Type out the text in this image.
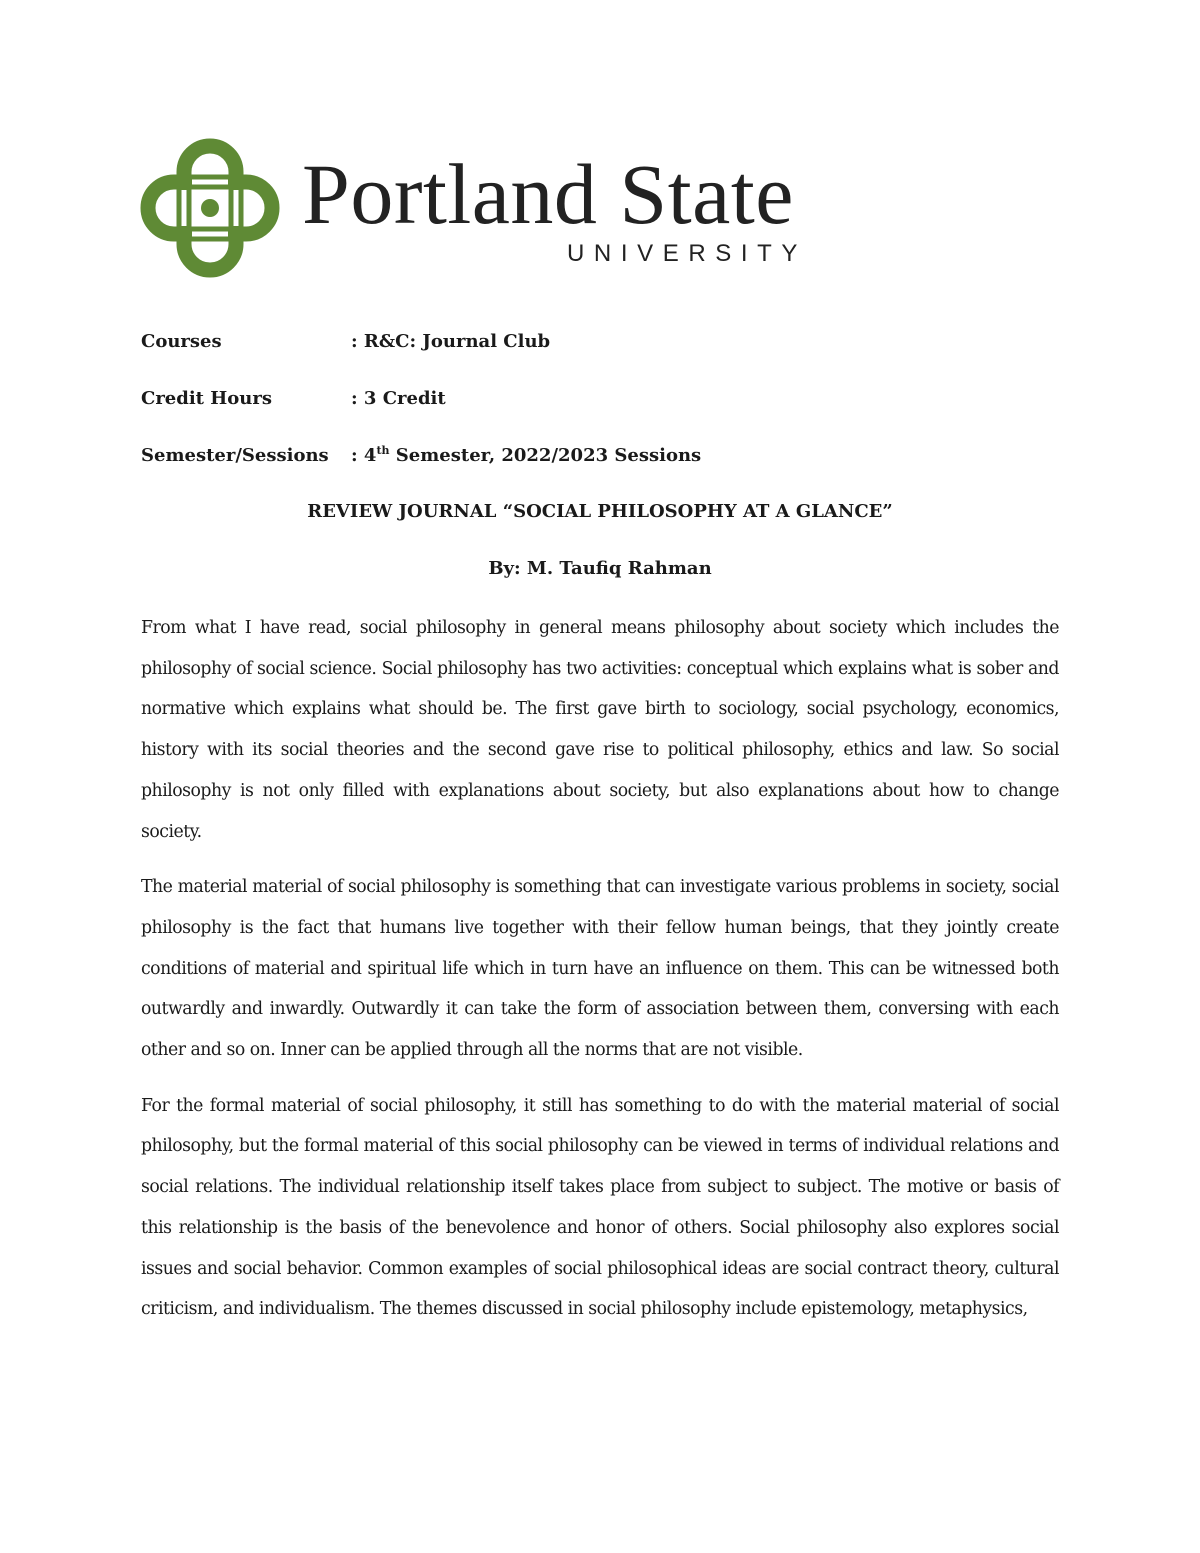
Portland State
UNIVERSITY
Courses	: R&C: Journal Club
Credit Hours	: 3 Credit
Semester/Sessions : 4th Semester, 2022/2023 Sessions
REVIEW JOURNAL “SOCIAL PHILOSOPHY AT A GLANCE”
By: M. Taufiq Rahman

From what I have read, social philosophy in general means philosophy about society which includes the philosophy of social science. Social philosophy has two activities: conceptual which explains what is sober and normative which explains what should be. The first gave birth to sociology, social psychology, economics, history with its social theories and the second gave rise to political philosophy, ethics and law. So social philosophy is not only filled with explanations about society, but also explanations about how to change society.

The material material of social philosophy is something that can investigate various problems in society, social philosophy is the fact that humans live together with their fellow human beings, that they jointly create conditions of material and spiritual life which in turn have an influence on them. This can be witnessed both outwardly and inwardly. Outwardly it can take the form of association between them, conversing with each other and so on. Inner can be applied through all the norms that are not visible.

For the formal material of social philosophy, it still has something to do with the material material of social philosophy, but the formal material of this social philosophy can be viewed in terms of individual relations and social relations. The individual relationship itself takes place from subject to subject. The motive or basis of this relationship is the basis of the benevolence and honor of others. Social philosophy also explores social issues and social behavior. Common examples of social philosophical ideas are social contract theory, cultural criticism, and individualism. The themes discussed in social philosophy include epistemology, metaphysics,
